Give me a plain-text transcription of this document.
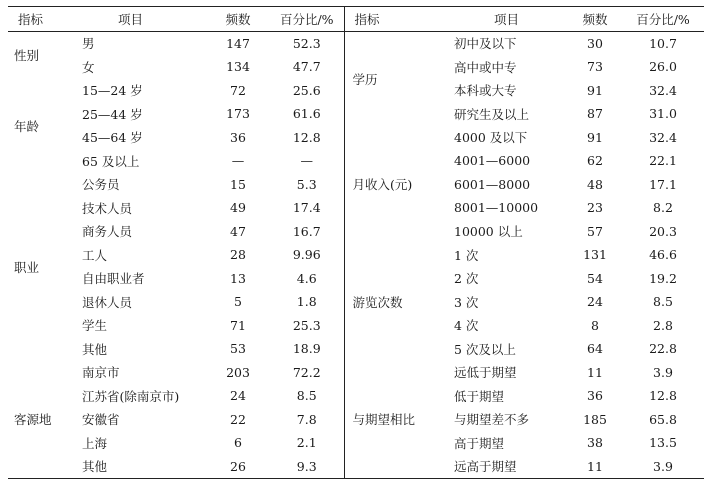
指标	项目	频数	百分比/%	指标	项目	频数	百分比/%
性别	男	147	52.3	学历	初中及以下	30	10.7
	女	134	47.7		高中或中专	73	26.0
年龄	15—24 岁	72	25.6		本科或大专	91	32.4
	25—44 岁	173	61.6		研究生及以上	87	31.0
	45—64 岁	36	12.8	月收入(元)	4000 及以下	91	32.4
	65 及以上	—	—		4001—6000	62	22.1
职业	公务员	15	5.3		6001—8000	48	17.1
	技术人员	49	17.4		8001—10000	23	8.2
	商务人员	47	16.7		10000 以上	57	20.3
	工人	28	9.96	游览次数	1 次	131	46.6
	自由职业者	13	4.6		2 次	54	19.2
	退休人员	5	1.8		3 次	24	8.5
	学生	71	25.3		4 次	8	2.8
	其他	53	18.9		5 次及以上	64	22.8
客源地	南京市	203	72.2	与期望相比	远低于期望	11	3.9
	江苏省(除南京市)	24	8.5		低于期望	36	12.8
	安徽省	22	7.8		与期望差不多	185	65.8
	上海	6	2.1		高于期望	38	13.5
	其他	26	9.3		远高于期望	11	3.9
